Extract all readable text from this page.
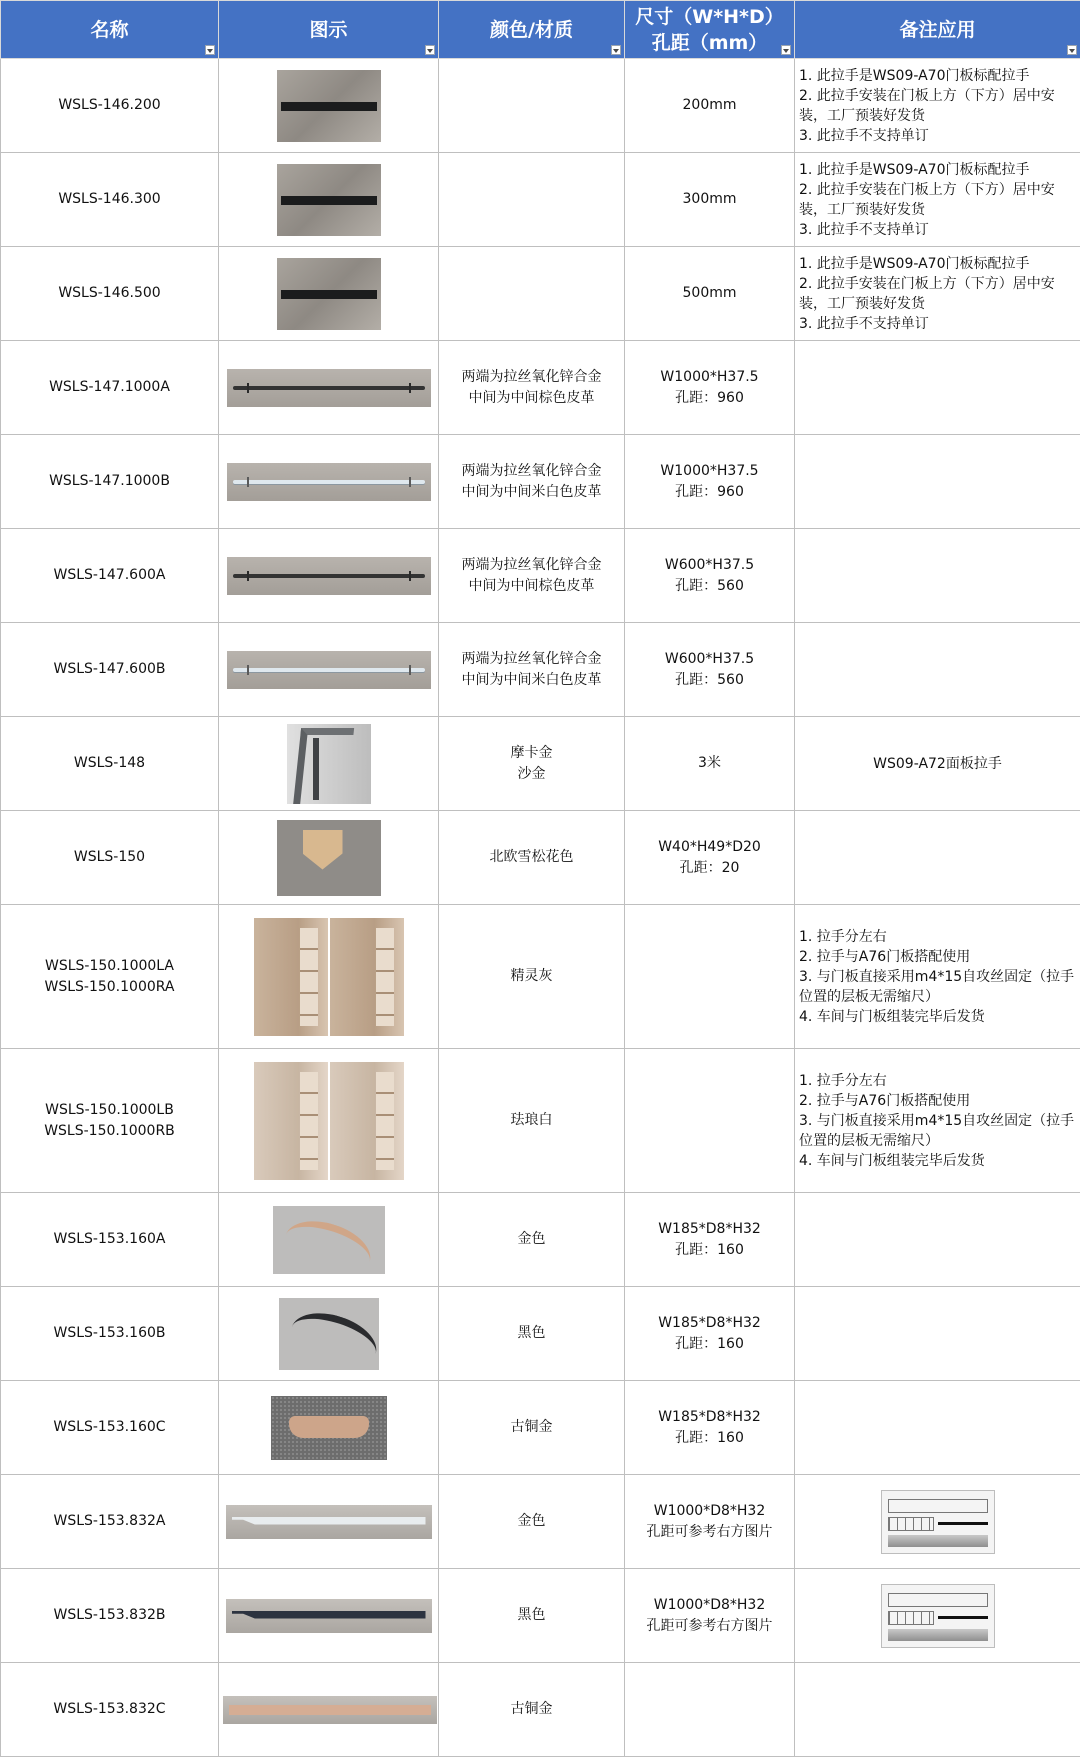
名称	图示	颜色/材质	尺寸（W*H*D）
孔距（mm）	备注应用

WSLS-146.200			200mm	1. 此拉手是WS09-A70门板标配拉手
2. 此拉手安装在门板上方（下方）居中安
装，工厂预装好发货
3. 此拉手不支持单订

WSLS-146.300			300mm	1. 此拉手是WS09-A70门板标配拉手
2. 此拉手安装在门板上方（下方）居中安
装，工厂预装好发货
3. 此拉手不支持单订

WSLS-146.500			500mm	1. 此拉手是WS09-A70门板标配拉手
2. 此拉手安装在门板上方（下方）居中安
装，工厂预装好发货
3. 此拉手不支持单订

WSLS-147.1000A		两端为拉丝氧化锌合金
中间为中间棕色皮革	W1000*H37.5
孔距：960	

WSLS-147.1000B		两端为拉丝氧化锌合金
中间为中间米白色皮革	W1000*H37.5
孔距：960	

WSLS-147.600A		两端为拉丝氧化锌合金
中间为中间棕色皮革	W600*H37.5
孔距：560	

WSLS-147.600B		两端为拉丝氧化锌合金
中间为中间米白色皮革	W600*H37.5
孔距：560	

WSLS-148		摩卡金
沙金	3米	WS09-A72面板拉手

WSLS-150		北欧雪松花色	W40*H49*D20
孔距：20	

WSLS-150.1000LA
WSLS-150.1000RA		精灵灰		1. 拉手分左右
2. 拉手与A76门板搭配使用
3. 与门板直接采用m4*15自攻丝固定（拉手
位置的层板无需缩尺）
4. 车间与门板组装完毕后发货

WSLS-150.1000LB
WSLS-150.1000RB		珐琅白		1. 拉手分左右
2. 拉手与A76门板搭配使用
3. 与门板直接采用m4*15自攻丝固定（拉手
位置的层板无需缩尺）
4. 车间与门板组装完毕后发货

WSLS-153.160A		金色	W185*D8*H32
孔距：160	

WSLS-153.160B		黑色	W185*D8*H32
孔距：160	

WSLS-153.160C		古铜金	W185*D8*H32
孔距：160	

WSLS-153.832A		金色	W1000*D8*H32
孔距可参考右方图片	

WSLS-153.832B		黑色	W1000*D8*H32
孔距可参考右方图片	

WSLS-153.832C		古铜金		
